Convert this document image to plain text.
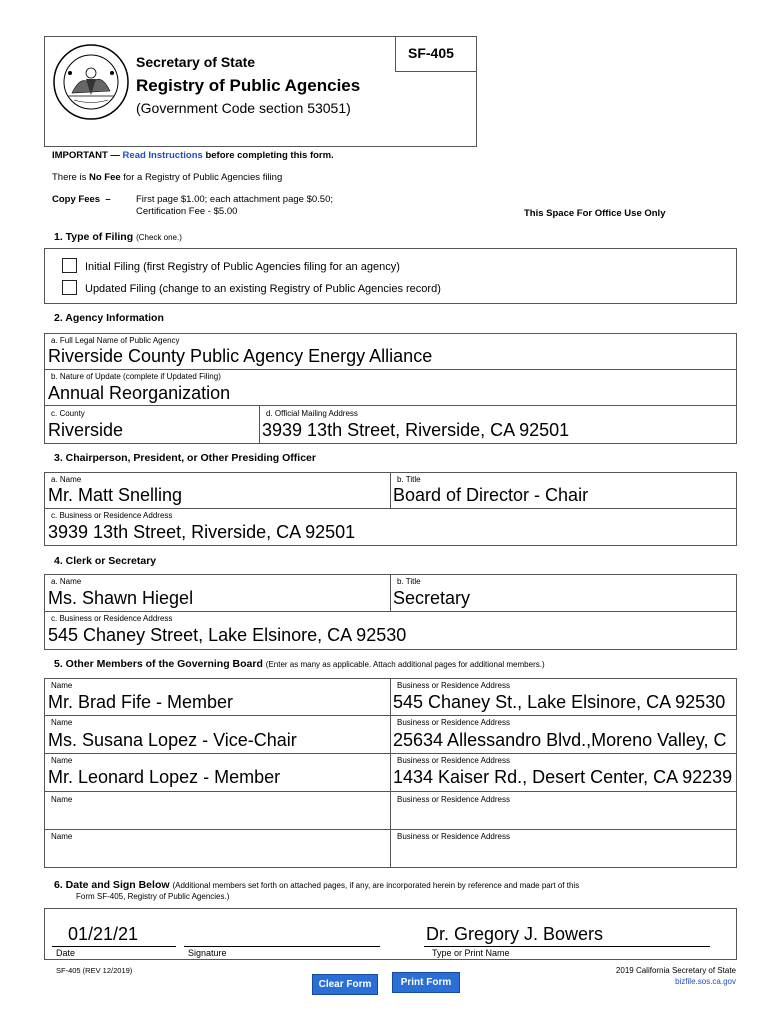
SF-405
Secretary of State
Registry of Public Agencies
(Government Code section 53051)
IMPORTANT — Read Instructions before completing this form.
There is No Fee for a Registry of Public Agencies filing
Copy Fees –	First page $1.00; each attachment page $0.50;
Certification Fee - $5.00	This Space For Office Use Only
1. Type of Filing (Check one.)
Initial Filing (first Registry of Public Agencies filing for an agency)
Updated Filing (change to an existing Registry of Public Agencies record)
2. Agency Information
a. Full Legal Name of Public Agency
Riverside County Public Agency Energy Alliance
b. Nature of Update (complete if Updated Filing)
Annual Reorganization
c. County
Riverside
d. Official Mailing Address
3939 13th Street, Riverside, CA 92501
3. Chairperson, President, or Other Presiding Officer
a. Name
Mr. Matt Snelling
b. Title
Board of Director - Chair
c. Business or Residence Address
3939 13th Street, Riverside, CA 92501
4. Clerk or Secretary
a. Name
Ms. Shawn Hiegel
b. Title
Secretary
c. Business or Residence Address
545 Chaney Street, Lake Elsinore, CA 92530
5. Other Members of the Governing Board (Enter as many as applicable. Attach additional pages for additional members.)
Name
Mr. Brad Fife - Member
Business or Residence Address
545 Chaney St., Lake Elsinore, CA 92530
Name
Ms. Susana Lopez - Vice-Chair
Business or Residence Address
25634 Allessandro Blvd.,Moreno Valley, C
Name
Mr. Leonard Lopez - Member
Business or Residence Address
1434 Kaiser Rd., Desert Center, CA 92239
Name	Business or Residence Address
Name	Business or Residence Address
6. Date and Sign Below (Additional members set forth on attached pages, if any, are incorporated herein by reference and made part of this
Form SF-405, Registry of Public Agencies.)
01/21/21
Date	Signature
Dr. Gregory J. Bowers
Type or Print Name
SF-405 (REV 12/2019)
Clear Form	Print Form
2019 California Secretary of State
bizfile.sos.ca.gov
